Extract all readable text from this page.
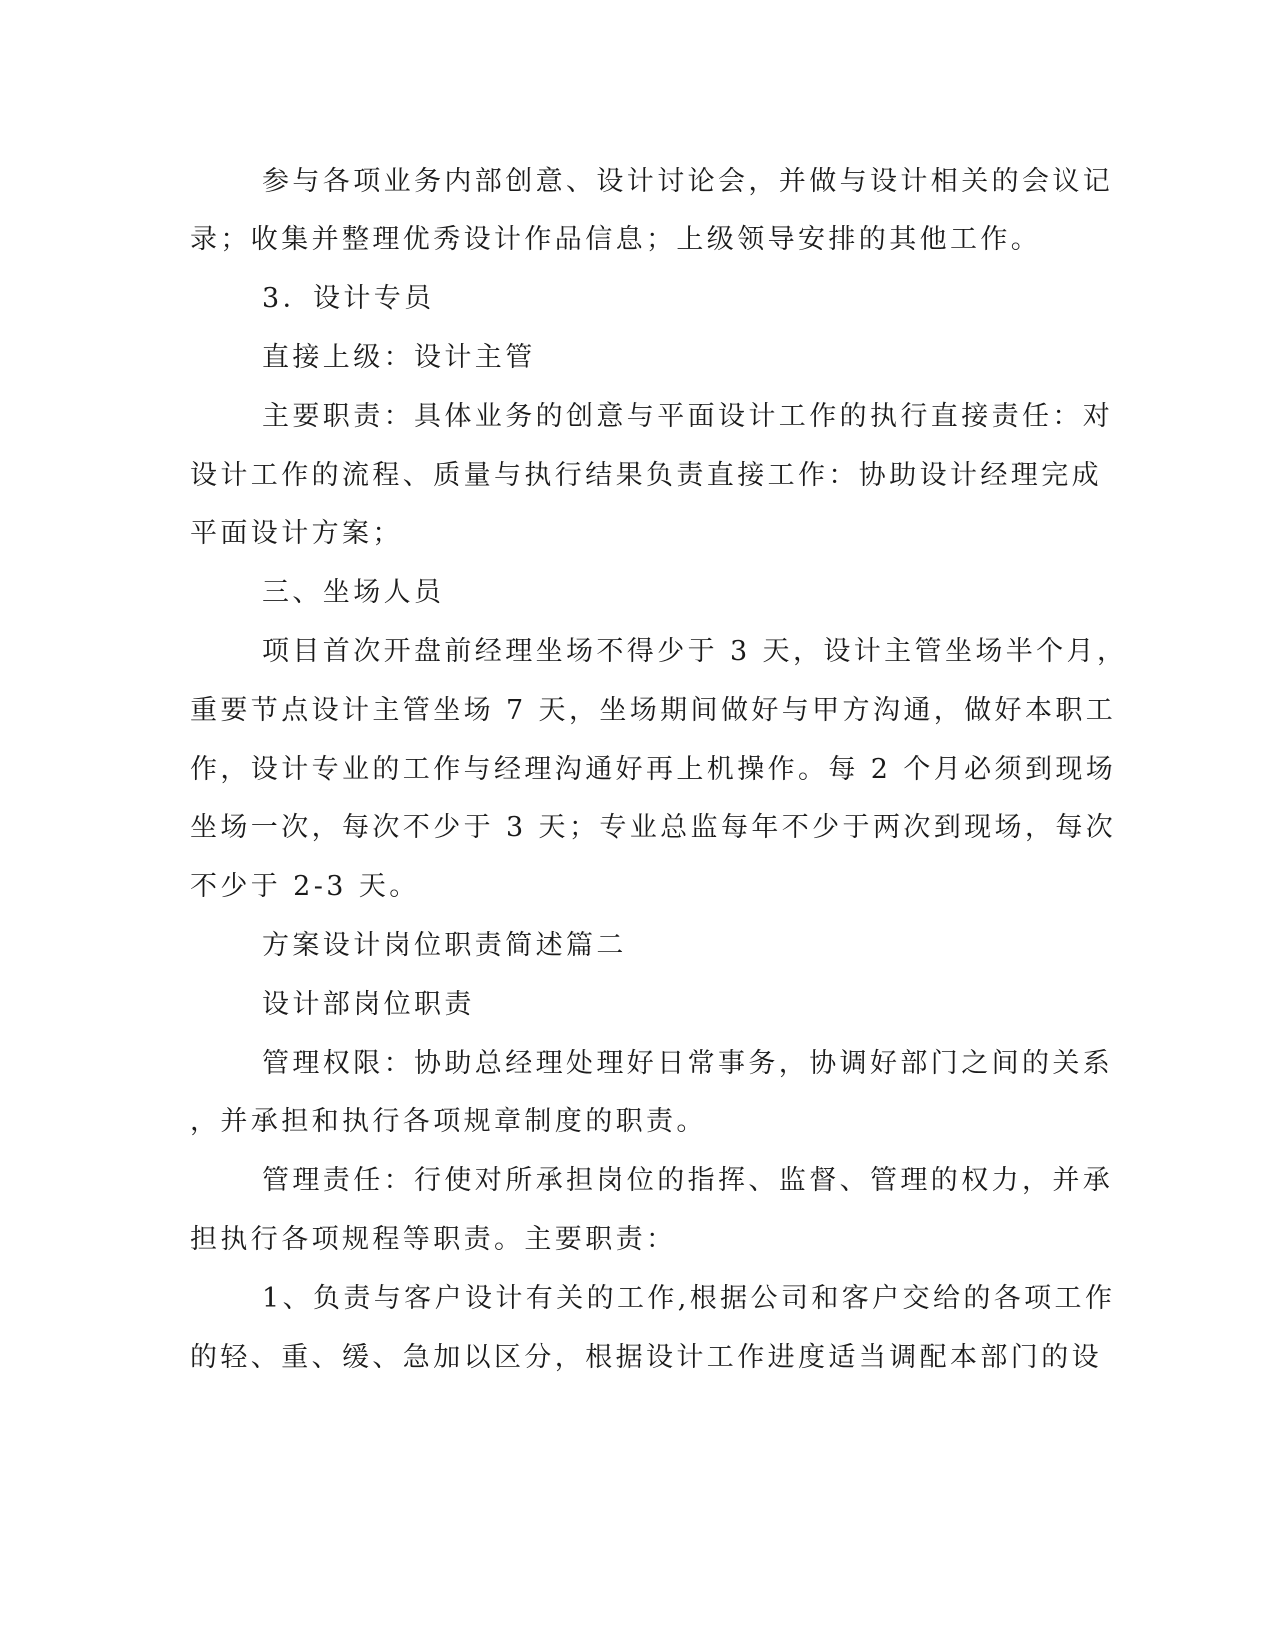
参与各项业务内部创意、设计讨论会，并做与设计相关的会议记

录；收集并整理优秀设计作品信息；上级领导安排的其他工作。

3．设计专员

直接上级：设计主管

主要职责：具体业务的创意与平面设计工作的执行直接责任：对

设计工作的流程、质量与执行结果负责直接工作：协助设计经理完成

平面设计方案；

三、坐场人员

项目首次开盘前经理坐场不得少于 3 天，设计主管坐场半个月，

重要节点设计主管坐场 7 天，坐场期间做好与甲方沟通，做好本职工

作，设计专业的工作与经理沟通好再上机操作。每 2 个月必须到现场

坐场一次，每次不少于 3 天；专业总监每年不少于两次到现场，每次

不少于 2-3 天。

方案设计岗位职责简述篇二

设计部岗位职责

管理权限：协助总经理处理好日常事务，协调好部门之间的关系

，并承担和执行各项规章制度的职责。

管理责任：行使对所承担岗位的指挥、监督、管理的权力，并承

担执行各项规程等职责。主要职责：

1、负责与客户设计有关的工作,根据公司和客户交给的各项工作

的轻、重、缓、急加以区分，根据设计工作进度适当调配本部门的设
